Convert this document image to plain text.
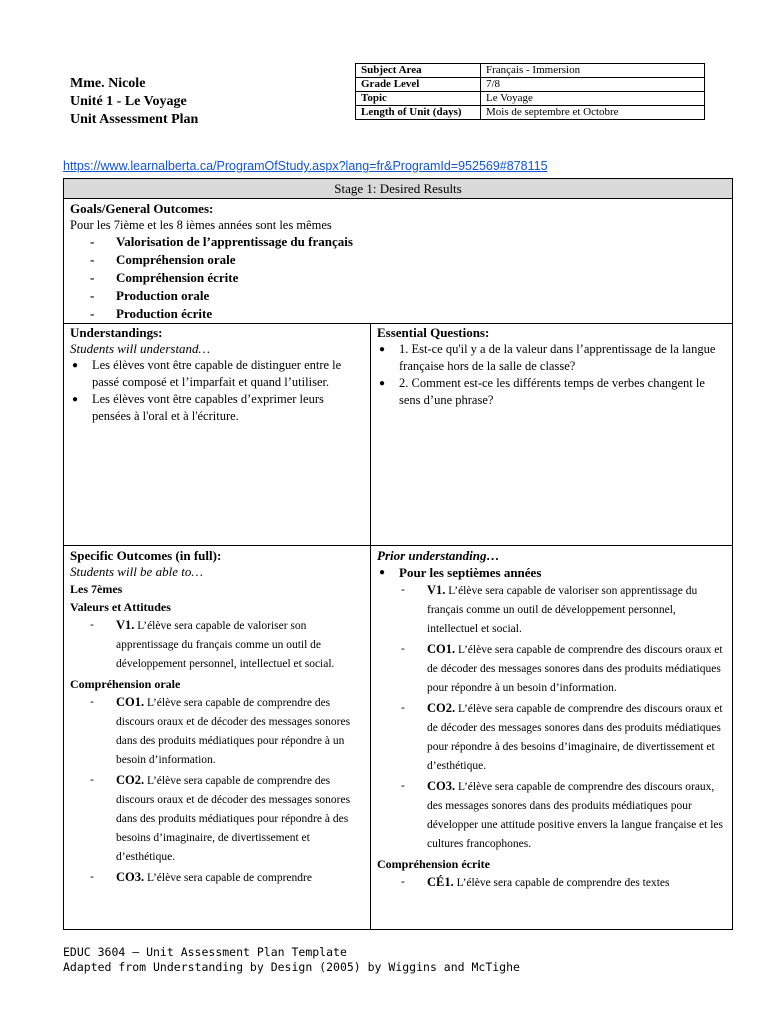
Mme. Nicole
Unité 1 - Le Voyage
Unit Assessment Plan
Subject Area	Français - Immersion
Grade Level	7/8
Topic	Le Voyage
Length of Unit (days)	Mois de septembre et Octobre
https://www.learnalberta.ca/ProgramOfStudy.aspx?lang=fr&ProgramId=952569#878115
Stage 1: Desired Results
Goals/General Outcomes:
Pour les 7ième et les 8 ièmes années sont les mêmes
- Valorisation de l’apprentissage du français
- Compréhension orale
- Compréhension écrite
- Production orale
- Production écrite
Understandings:
Students will understand…
● Les élèves vont être capable de distinguer entre le passé composé et l’imparfait et quand l’utiliser.
● Les élèves vont être capables d’exprimer leurs pensées à l'oral et à l'écriture.
Essential Questions:
● 1. Est-ce qu'il y a de la valeur dans l’apprentissage de la langue française hors de la salle de classe?
● 2. Comment est-ce les différents temps de verbes changent le sens d’une phrase?
Specific Outcomes (in full):
Students will be able to…
Les 7èmes
Valeurs et Attitudes
- V1. L’élève sera capable de valoriser son apprentissage du français comme un outil de développement personnel, intellectuel et social.
Compréhension orale
- CO1. L’élève sera capable de comprendre des discours oraux et de décoder des messages sonores dans des produits médiatiques pour répondre à un besoin d’information.
- CO2. L’élève sera capable de comprendre des discours oraux et de décoder des messages sonores dans des produits médiatiques pour répondre à des besoins d’imaginaire, de divertissement et d’esthétique.
- CO3. L’élève sera capable de comprendre
Prior understanding…
● Pour les septièmes années
- V1. L’élève sera capable de valoriser son apprentissage du français comme un outil de développement personnel, intellectuel et social.
- CO1. L’élève sera capable de comprendre des discours oraux et de décoder des messages sonores dans des produits médiatiques pour répondre à un besoin d’information.
- CO2. L’élève sera capable de comprendre des discours oraux et de décoder des messages sonores dans des produits médiatiques pour répondre à des besoins d’imaginaire, de divertissement et d’esthétique.
- CO3. L’élève sera capable de comprendre des discours oraux, des messages sonores dans des produits médiatiques pour développer une attitude positive envers la langue française et les cultures francophones.
Compréhension écrite
- CÉ1. L’élève sera capable de comprendre des textes
EDUC 3604 – Unit Assessment Plan Template
Adapted from Understanding by Design (2005) by Wiggins and McTighe
